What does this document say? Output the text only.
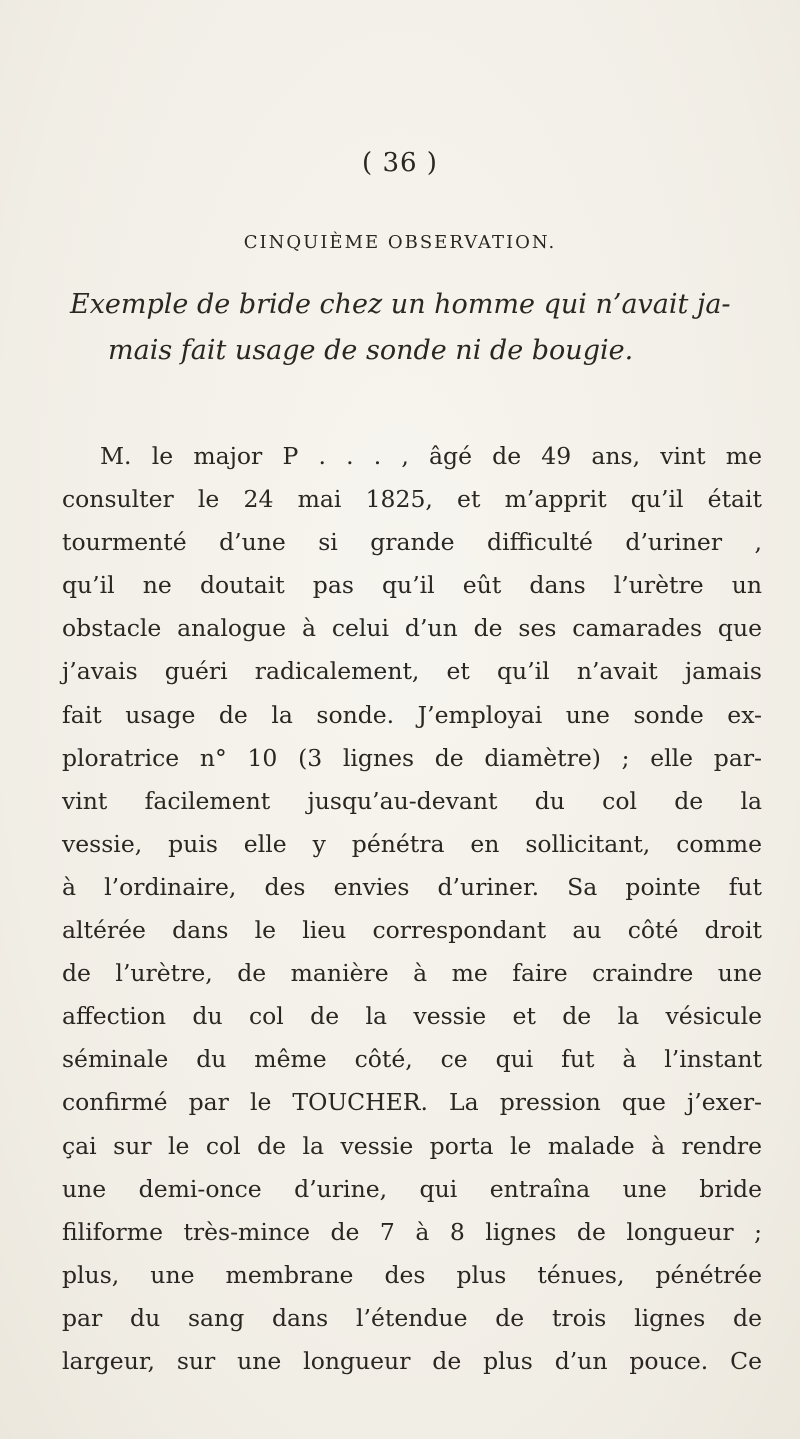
( 36 )
CINQUIÈME OBSERVATION.
Exemple de bride chez un homme qui n’avait ja-
mais fait usage de sonde ni de bougie.
M. le major P . . . , âgé de 49 ans, vint me
consulter le 24 mai 1825, et m’apprit qu’il était
tourmenté d’une si grande difficulté d’uriner ,
qu’il ne doutait pas qu’il eût dans l’urètre un
obstacle analogue à celui d’un de ses camarades que
j’avais guéri radicalement, et qu’il n’avait jamais
fait usage de la sonde. J’employai une sonde ex-
ploratrice n° 10 (3 lignes de diamètre) ; elle par-
vint facilement jusqu’au-devant du col de la
vessie, puis elle y pénétra en sollicitant, comme
à l’ordinaire, des envies d’uriner. Sa pointe fut
altérée dans le lieu correspondant au côté droit
de l’urètre, de manière à me faire craindre une
affection du col de la vessie et de la vésicule
séminale du même côté, ce qui fut à l’instant
confirmé par le TOUCHER. La pression que j’exer-
çai sur le col de la vessie porta le malade à rendre
une demi-once d’urine, qui entraîna une bride
filiforme très-mince de 7 à 8 lignes de longueur ;
plus, une membrane des plus ténues, pénétrée
par du sang dans l’étendue de trois lignes de
largeur, sur une longueur de plus d’un pouce. Ce
